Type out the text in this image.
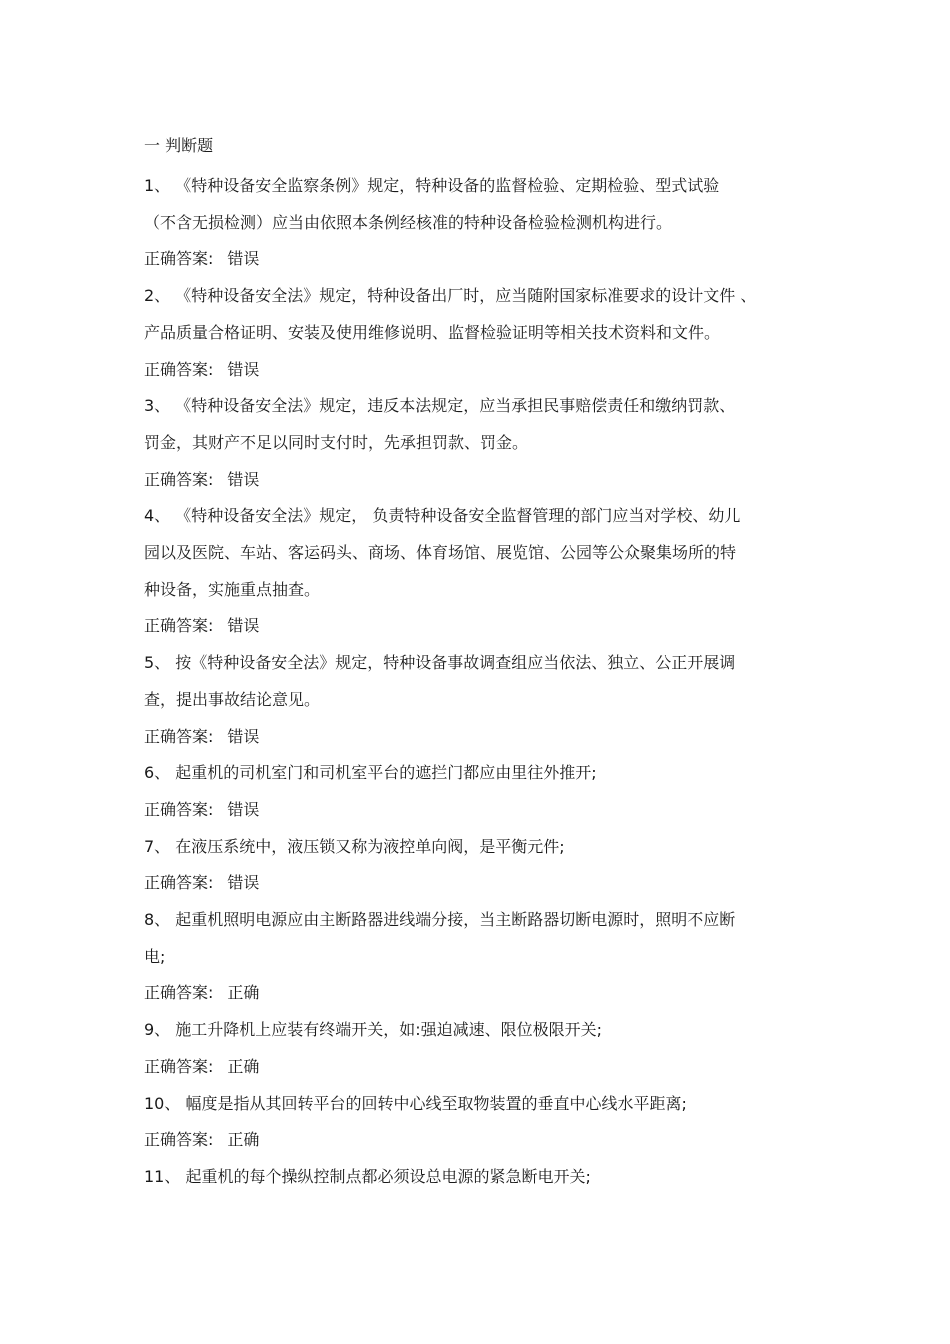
一 判断题
1、 《特种设备安全监察条例》规定，特种设备的监督检验、定期检验、型式试验
（不含无损检测）应当由依照本条例经核准的特种设备检验检测机构进行。
正确答案: 错误
2、 《特种设备安全法》规定，特种设备出厂时，应当随附国家标准要求的设计文件 、
产品质量合格证明、安装及使用维修说明、监督检验证明等相关技术资料和文件。
正确答案: 错误
3、 《特种设备安全法》规定，违反本法规定，应当承担民事赔偿责任和缴纳罚款、
罚金，其财产不足以同时支付时，先承担罚款、罚金。
正确答案: 错误
4、 《特种设备安全法》规定， 负责特种设备安全监督管理的部门应当对学校、幼儿
园以及医院、车站、客运码头、商场、体育场馆、展览馆、公园等公众聚集场所的特
种设备，实施重点抽查。
正确答案: 错误
5、 按《特种设备安全法》规定，特种设备事故调查组应当依法、独立、公正开展调
查，提出事故结论意见。
正确答案: 错误
6、 起重机的司机室门和司机室平台的遮拦门都应由里往外推开;
正确答案: 错误
7、 在液压系统中，液压锁又称为液控单向阀，是平衡元件;
正确答案: 错误
8、 起重机照明电源应由主断路器进线端分接，当主断路器切断电源时，照明不应断
电;
正确答案: 正确
9、 施工升降机上应装有终端开关，如:强迫减速、限位极限开关;
正确答案: 正确
10、 幅度是指从其回转平台的回转中心线至取物装置的垂直中心线水平距离;
正确答案: 正确
11、 起重机的每个操纵控制点都必须设总电源的紧急断电开关;
